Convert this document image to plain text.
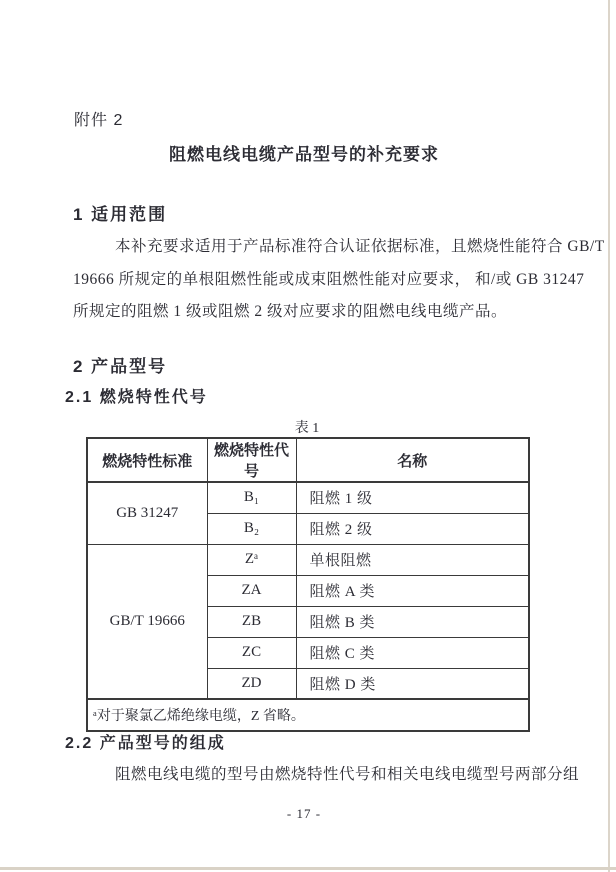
附件 2
阻燃电线电缆产品型号的补充要求
1 适用范围
本补充要求适用于产品标准符合认证依据标准，且燃烧性能符合 GB/T
19666 所规定的单根阻燃性能或成束阻燃性能对应要求， 和/或 GB 31247
所规定的阻燃 1 级或阻燃 2 级对应要求的阻燃电线电缆产品。
2 产品型号
2.1 燃烧特性代号
表 1
燃烧特性标准	燃烧特性代号	名称
GB 31247	B₁	阻燃 1 级
	B₂	阻燃 2 级
GB/T 19666	Zᵃ	单根阻燃
	ZA	阻燃 A 类
	ZB	阻燃 B 类
	ZC	阻燃 C 类
	ZD	阻燃 D 类
ᵃ对于聚氯乙烯绝缘电缆，Z 省略。		
2.2 产品型号的组成
阻燃电线电缆的型号由燃烧特性代号和相关电线电缆型号两部分组
- 17 -
